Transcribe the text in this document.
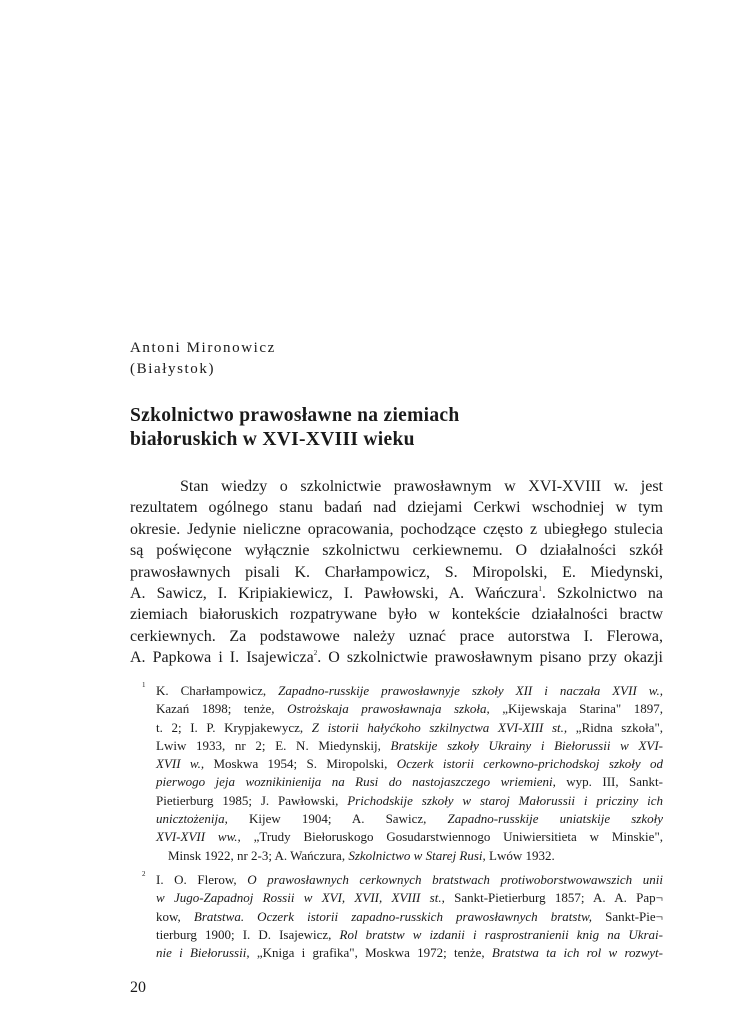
Antoni Mironowicz
(Białystok)
Szkolnictwo prawosławne na ziemiach
białoruskich w XVI-XVIII wieku
Stan wiedzy o szkolnictwie prawosławnym w XVI-XVIII w. jest
rezultatem ogólnego stanu badań nad dziejami Cerkwi wschodniej w tym
okresie. Jedynie nieliczne opracowania, pochodzące często z ubiegłego stulecia
są poświęcone wyłącznie szkolnictwu cerkiewnemu. O działalności szkół
prawosławnych pisali K. Charłampowicz, S. Miropolski, E. Miedynski,
A. Sawicz, I. Kripiakiewicz, I. Pawłowski, A. Wańczura$^1$. Szkolnictwo na
ziemiach białoruskich rozpatrywane było w kontekście działalności bractw
cerkiewnych. Za podstawowe należy uznać prace autorstwa I. Flerowa,
A. Papkowa i I. Isajewicza$^2$. O szkolnictwie prawosławnym pisano przy okazji
1 K. Charłampowicz, Zapadno-russkije prawosławnyje szkoły XII i naczała XVII w.,
Kazań 1898; tenże, Ostrożskaja prawosławnaja szkoła, „Kijewskaja Starina" 1897,
t. 2; I. P. Krypjakewycz, Z istorii hałyćkoho szkilnyctwa XVI-XIII st., „Ridna szkoła",
Lwiw 1933, nr 2; E. N. Miedynskij, Bratskije szkoły Ukrainy i Biełorussii w XVI-
XVII w., Moskwa 1954; S. Miropolski, Oczerk istorii cerkowno-prichodskoj szkoły od
pierwogo jeja woznikinienija na Rusi do nastojaszczego wriemieni, wyp. III, Sankt-
Pietierburg 1985; J. Pawłowski, Prichodskije szkoły w staroj Małorussii i pricziny ich
unicztożenija, Kijew 1904; A. Sawicz, Zapadno-russkije uniatskije szkoły
XVI-XVII ww., „Trudy Biełoruskogo Gosudarstwiennogo Uniwiersitieta w Minskie",
Minsk 1922, nr 2-3; A. Wańczura, Szkolnictwo w Starej Rusi, Lwów 1932.
2 I. O. Flerow, O prawosławnych cerkownych bratstwach protiwoborstwowawszich unii
w Jugo-Zapadnoj Rossii w XVI, XVII, XVIII st., Sankt-Pietierburg 1857; A. A. Pap¬
kow, Bratstwa. Oczerk istorii zapadno-russkich prawosławnych bratstw, Sankt-Pie¬
tierburg 1900; I. D. Isajewicz, Rol bratstw w izdanii i rasprostranienii knig na Ukrai-
nie i Biełorussii, „Kniga i grafika", Moskwa 1972; tenże, Bratstwa ta ich rol w rozwyt-
20
